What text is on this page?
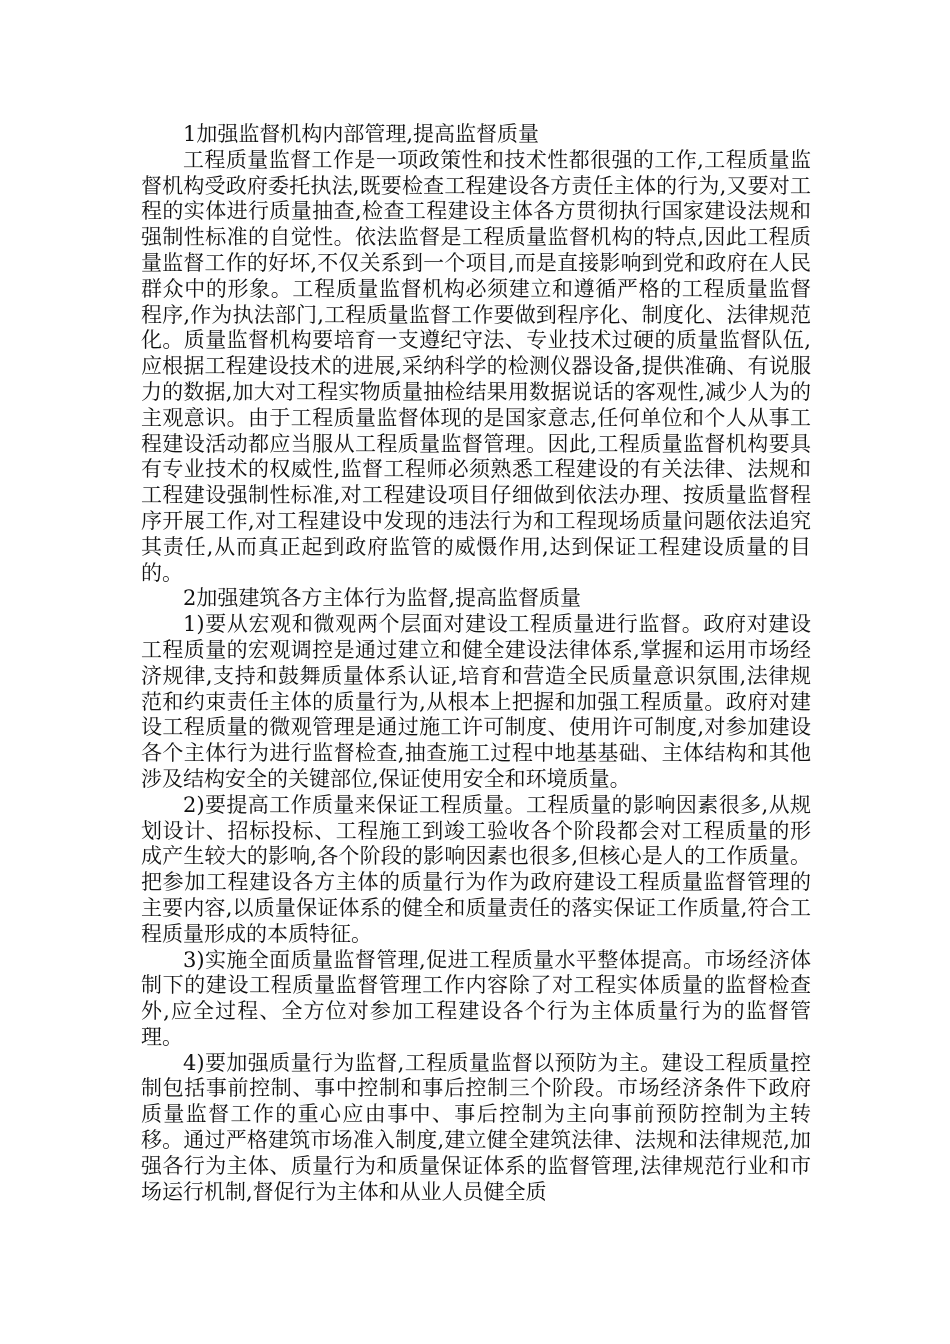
1加强监督机构内部管理,提高监督质量

工程质量监督工作是一项政策性和技术性都很强的工作,工程质量监督机构受政府委托执法,既要检查工程建设各方责任主体的行为,又要对工程的实体进行质量抽查,检查工程建设主体各方贯彻执行国家建设法规和强制性标准的自觉性。依法监督是工程质量监督机构的特点,因此工程质量监督工作的好坏,不仅关系到一个项目,而是直接影响到党和政府在人民群众中的形象。工程质量监督机构必须建立和遵循严格的工程质量监督程序,作为执法部门,工程质量监督工作要做到程序化、制度化、法律规范化。质量监督机构要培育一支遵纪守法、专业技术过硬的质量监督队伍,应根据工程建设技术的进展,采纳科学的检测仪器设备,提供准确、有说服力的数据,加大对工程实物质量抽检结果用数据说话的客观性,减少人为的主观意识。由于工程质量监督体现的是国家意志,任何单位和个人从事工程建设活动都应当服从工程质量监督管理。因此,工程质量监督机构要具有专业技术的权威性,监督工程师必须熟悉工程建设的有关法律、法规和工程建设强制性标准,对工程建设项目仔细做到依法办理、按质量监督程序开展工作,对工程建设中发现的违法行为和工程现场质量问题依法追究其责任,从而真正起到政府监管的威慑作用,达到保证工程建设质量的目的。

2加强建筑各方主体行为监督,提高监督质量

1)要从宏观和微观两个层面对建设工程质量进行监督。政府对建设工程质量的宏观调控是通过建立和健全建设法律体系,掌握和运用市场经济规律,支持和鼓舞质量体系认证,培育和营造全民质量意识氛围,法律规范和约束责任主体的质量行为,从根本上把握和加强工程质量。政府对建设工程质量的微观管理是通过施工许可制度、使用许可制度,对参加建设各个主体行为进行监督检查,抽查施工过程中地基基础、主体结构和其他涉及结构安全的关键部位,保证使用安全和环境质量。

2)要提高工作质量来保证工程质量。工程质量的影响因素很多,从规划设计、招标投标、工程施工到竣工验收各个阶段都会对工程质量的形成产生较大的影响,各个阶段的影响因素也很多,但核心是人的工作质量。把参加工程建设各方主体的质量行为作为政府建设工程质量监督管理的主要内容,以质量保证体系的健全和质量责任的落实保证工作质量,符合工程质量形成的本质特征。

3)实施全面质量监督管理,促进工程质量水平整体提高。市场经济体制下的建设工程质量监督管理工作内容除了对工程实体质量的监督检查外,应全过程、全方位对参加工程建设各个行为主体质量行为的监督管理。

4)要加强质量行为监督,工程质量监督以预防为主。建设工程质量控制包括事前控制、事中控制和事后控制三个阶段。市场经济条件下政府质量监督工作的重心应由事中、事后控制为主向事前预防控制为主转移。通过严格建筑市场准入制度,建立健全建筑法律、法规和法律规范,加强各行为主体、质量行为和质量保证体系的监督管理,法律规范行业和市场运行机制,督促行为主体和从业人员健全质
